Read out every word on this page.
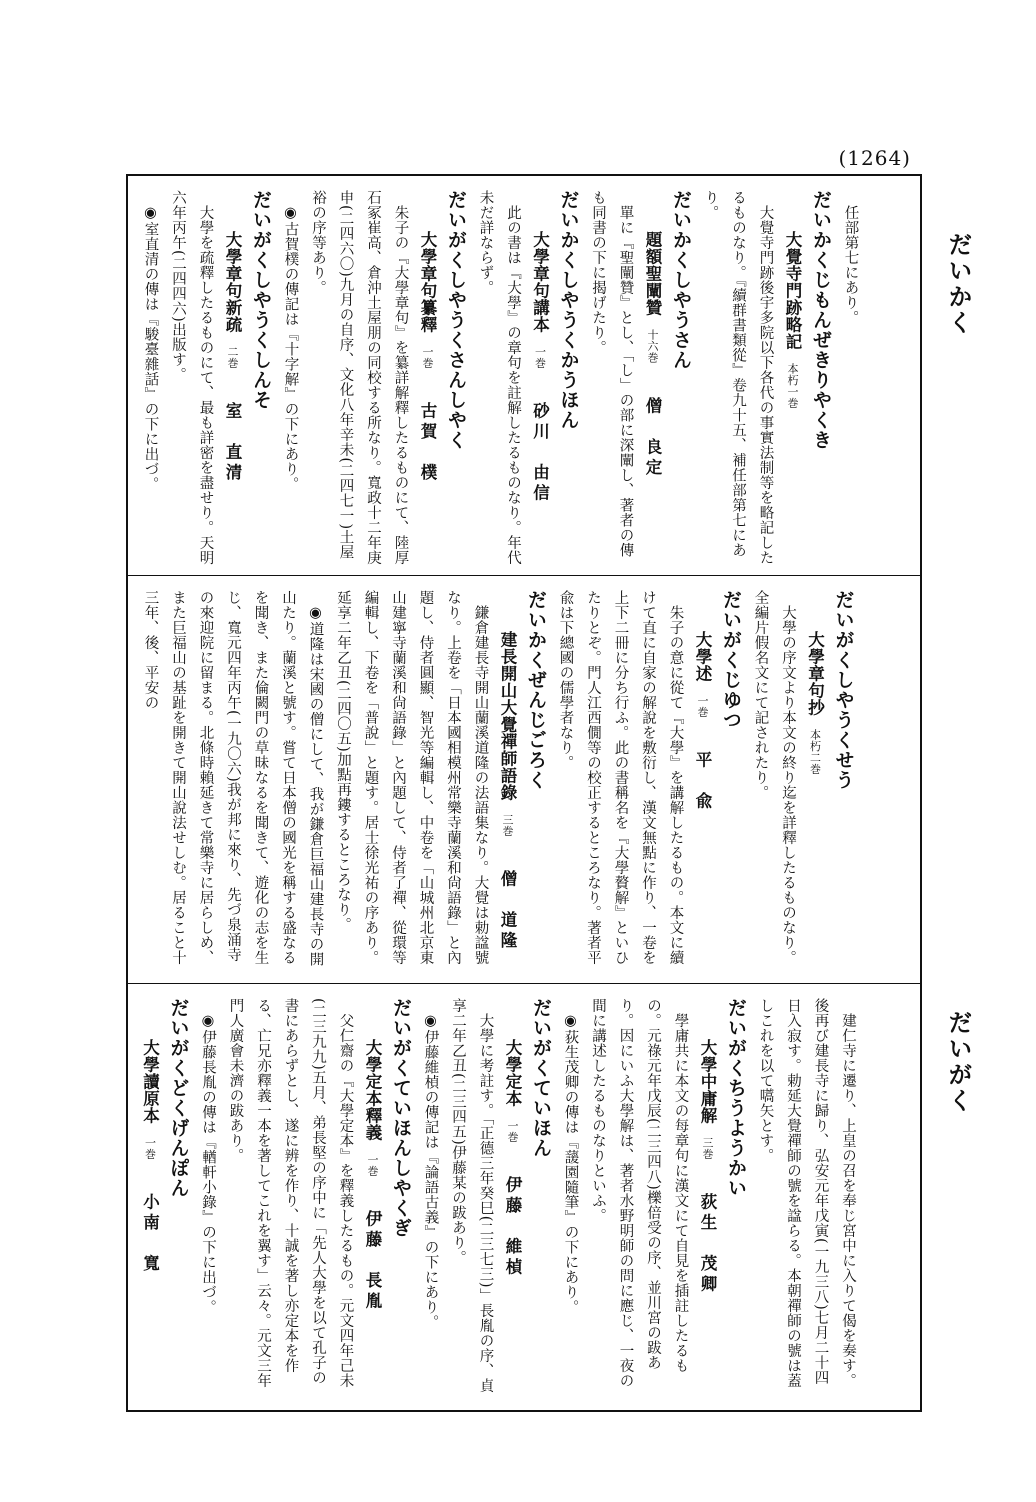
(1264)
だいかく
だいがく

任部第七にあり。

だいかくじもんぜきりやくき

大覺寺門跡略記本朽一巻

大覺寺門跡後宇多院以下各代の事實法制等を略記したるものなり。『續群書類從』卷九十五、補任部第七にあり。

だいかくしやうさん

題額聖闡贊十六巻僧　良定

單に『聖闡贊』とし、「し」の部に深闡し、著者の傳も同書の下に揭げたり。

だいかくしやうくかうほん

大學章句講本一巻砂川　由信

此の書は『大學』の章句を註解したるものなり。年代未だ詳ならず。

だいがくしやうくさんしやく

大學章句纂釋一巻古賀　樸

朱子の『大學章句』を纂詳解釋したるものにて、陸厚石冢崔高、倉沖土屋朋の同校する所なり。寬政十二年庚申(二四六〇)九月の自序、文化八年辛未(二四七一)土屋裕の序等あり。

◉古賀樸の傳記は『十字解』の下にあり。

だいがくしやうくしんそ

大學章句新疏二巻室　直清

大學を疏釋したるものにて、最も詳密を盡せり。天明六年丙午(二四四六)出版す。

◉室直清の傳は『駿臺雜話』の下に出づ。

だいがくしやうくせう

大學章句抄本朽二巻

大學の序文より本文の終り迄を詳釋したるものなり。全編片假名文にて記されたり。

だいがくじゆつ

大學述一巻平　兪

朱子の意に從て『大學』を講解したるもの。本文に續けて直に自家の解說を敷衍し、漢文無點に作り、一卷を上下二冊に分ち行ふ。此の書稱名を『大學贅解』といひたりとぞ。門人江西僩等の校正するところなり。著者平兪は下總國の儒學者なり。

だいかくぜんじごろく

建長開山大覺禪師語錄三巻僧　道隆

鎌倉建長寺開山蘭溪道隆の法語集なり。大覺は勅諡號なり。上卷を「日本國相模州常樂寺蘭溪和尙語錄」と內題し、侍者圓顯、智光等編輯し、中卷を「山城州北京東山建寧寺蘭溪和尙語錄」と內題して、侍者了禪、從環等編輯し、下卷を「普說」と題す。居士徐光祐の序あり。延享二年乙丑(二四〇五)加點再鏤するところなり。

◉道隆は宋國の僧にして、我が鎌倉巨福山建長寺の開山たり。蘭溪と號す。嘗て日本僧の國光を稱する盛なるを聞き、また倫闕門の草昧なるを聞きて、遊化の志を生じ、寬元四年丙午(一九〇六)我が邦に來り、先づ泉涌寺の來迎院に留まる。北條時賴延きて常樂寺に居らしめ、また巨福山の基趾を開きて開山說法せしむ。居ること十三年、後、平安の

建仁寺に遷り、上皇の召を奉じ宮中に入りて偈を奏す。後再び建長寺に歸り、弘安元年戊寅(一九三八)七月二十四日入寂す。勅延大覺禪師の號を諡らる。本朝禪師の號は蓋しこれを以て嚆矢とす。

だいがくちうようかい

大學中庸解三巻荻生　茂卿

學庸共に本文の每章句に漢文にて自見を插註したるもの。元祿元年戊辰(二三四八)櫟倍受の序、並川宮の跋あり。因にいふ大學解は、著者水野明師の問に應じ、一夜の間に講述したるものなりといふ。

◉荻生茂卿の傳は『蘐園隨筆』の下にあり。

だいがくていほん

大學定本一巻伊藤　維楨

大學に考註す。「正德三年癸巳(二三七三)」長胤の序、貞享二年乙丑(二三四五)伊藤某の跋あり。

◉伊藤維楨の傳記は『論語古義』の下にあり。

だいがくていほんしやくぎ

大學定本釋義一巻伊藤　長胤

父仁齋の『大學定本』を釋義したるもの。元文四年己未(二三九九)五月、弟長堅の序中に「先人大學を以て孔子の書にあらずとし、遂に辨を作り、十誠を著し亦定本を作る、亡兄亦釋義一本を著してこれを翼す」云々。元文三年門人廣會未濟の跋あり。

◉伊藤長胤の傳は『輶軒小錄』の下に出づ。

だいがくどくげんぽん

大學讀原本一巻小南　寬
